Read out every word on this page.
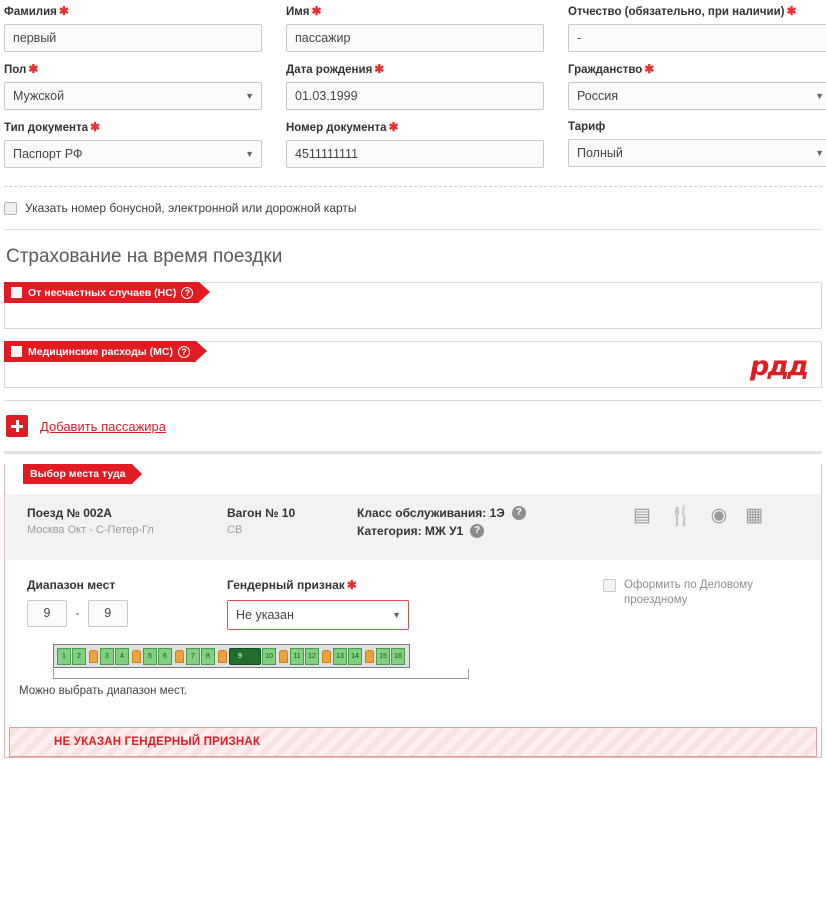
Фамилия ✱
первый
Имя ✱
пассажир
Отчество (обязательно, при наличии) ✱
-
Пол ✱
Мужской	▼
Дата рождения ✱
01.03.1999
Гражданство ✱
Россия	▼
Тип документа ✱
Паспорт РФ	▼
Номер документа ✱
4511111111
Тариф
Полный	▼
Указать номер бонусной, электронной или дорожной карты
Страхование на время поездки
От несчастных случаев (НС) ?
Медицинские расходы (МС) ?	рдд
Добавить пассажира
Выбор места туда
Поезд № 002А
Москва Окт - С-Петер-Гл
Вагон № 10
СВ
Класс обслуживания: 1Э	?
Категория: МЖ У1	?
▤ 🍴 ◉ ▦
Диапазон мест
9 - 9
Гендерный признак ✱
Не указан	▼
Оформить по Деловому
проездному
1	2	3	4	5	6	7	8	9	10	11	12	13	14	15	16
Можно выбрать диапазон мест.
НЕ УКАЗАН ГЕНДЕРНЫЙ ПРИЗНАК
